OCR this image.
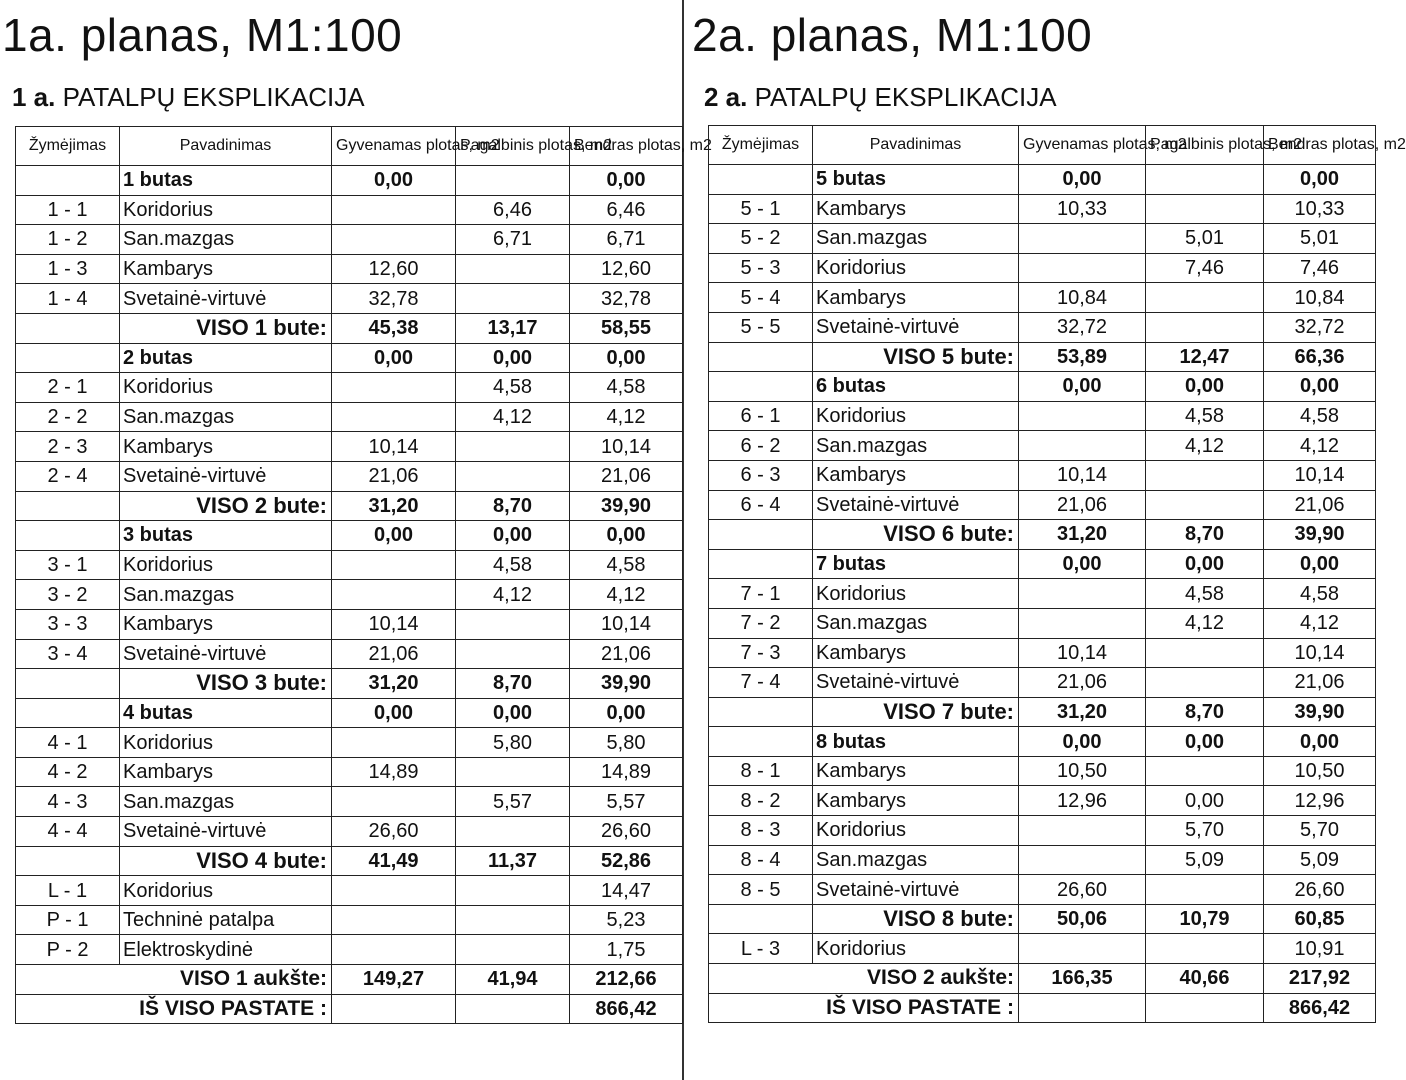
1a. planas, M1:100
1 a. PATALPŲ EKSPLIKACIJA
Žymėjimas	Pavadinimas	Gyvenamas plotas, m2	Pagalbinis plotas, m2	Bendras plotas, m2
	1 butas	0,00		0,00
1 - 1	Koridorius		6,46	6,46
1 - 2	San.mazgas		6,71	6,71
1 - 3	Kambarys	12,60		12,60
1 - 4	Svetainė-virtuvė	32,78		32,78
	VISO 1 bute:	45,38	13,17	58,55
	2 butas	0,00	0,00	0,00
2 - 1	Koridorius		4,58	4,58
2 - 2	San.mazgas		4,12	4,12
2 - 3	Kambarys	10,14		10,14
2 - 4	Svetainė-virtuvė	21,06		21,06
	VISO 2 bute:	31,20	8,70	39,90
	3 butas	0,00	0,00	0,00
3 - 1	Koridorius		4,58	4,58
3 - 2	San.mazgas		4,12	4,12
3 - 3	Kambarys	10,14		10,14
3 - 4	Svetainė-virtuvė	21,06		21,06
	VISO 3 bute:	31,20	8,70	39,90
	4 butas	0,00	0,00	0,00
4 - 1	Koridorius		5,80	5,80
4 - 2	Kambarys	14,89		14,89
4 - 3	San.mazgas		5,57	5,57
4 - 4	Svetainė-virtuvė	26,60		26,60
	VISO 4 bute:	41,49	11,37	52,86
L - 1	Koridorius			14,47
P - 1	Techninė patalpa			5,23
P - 2	Elektroskydinė			1,75
VISO 1 aukšte:		149,27	41,94	212,66
IŠ VISO PASTATE :				866,42
2a. planas, M1:100
2 a. PATALPŲ EKSPLIKACIJA
Žymėjimas	Pavadinimas	Gyvenamas plotas, m2	Pagalbinis plotas, m2	Bendras plotas, m2
	5 butas	0,00		0,00
5 - 1	Kambarys	10,33		10,33
5 - 2	San.mazgas		5,01	5,01
5 - 3	Koridorius		7,46	7,46
5 - 4	Kambarys	10,84		10,84
5 - 5	Svetainė-virtuvė	32,72		32,72
	VISO 5 bute:	53,89	12,47	66,36
	6 butas	0,00	0,00	0,00
6 - 1	Koridorius		4,58	4,58
6 - 2	San.mazgas		4,12	4,12
6 - 3	Kambarys	10,14		10,14
6 - 4	Svetainė-virtuvė	21,06		21,06
	VISO 6 bute:	31,20	8,70	39,90
	7 butas	0,00	0,00	0,00
7 - 1	Koridorius		4,58	4,58
7 - 2	San.mazgas		4,12	4,12
7 - 3	Kambarys	10,14		10,14
7 - 4	Svetainė-virtuvė	21,06		21,06
	VISO 7 bute:	31,20	8,70	39,90
	8 butas	0,00	0,00	0,00
8 - 1	Kambarys	10,50		10,50
8 - 2	Kambarys	12,96	0,00	12,96
8 - 3	Koridorius		5,70	5,70
8 - 4	San.mazgas		5,09	5,09
8 - 5	Svetainė-virtuvė	26,60		26,60
	VISO 8 bute:	50,06	10,79	60,85
L - 3	Koridorius			10,91
VISO 2 aukšte:		166,35	40,66	217,92
IŠ VISO PASTATE :				866,42
